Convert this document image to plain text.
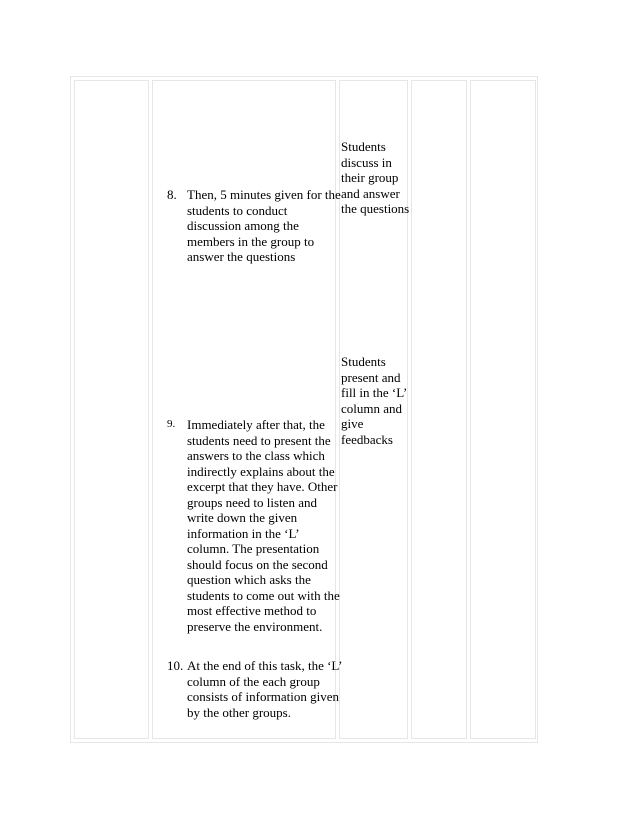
8. Then, 5 minutes given for the students to conduct discussion among the members in the group to answer the questions
9. Immediately after that, the students need to present the answers to the class which indirectly explains about the excerpt that they have. Other groups need to listen and write down the given information in the ‘L’ column. The presentation should focus on the second question which asks the students to come out with the most effective method to preserve the environment.
10. At the end of this task, the ‘L’ column of the each group consists of information given by the other groups.
Students discuss in their group and answer the questions
Students present and fill in the ‘L’ column and give feedbacks
